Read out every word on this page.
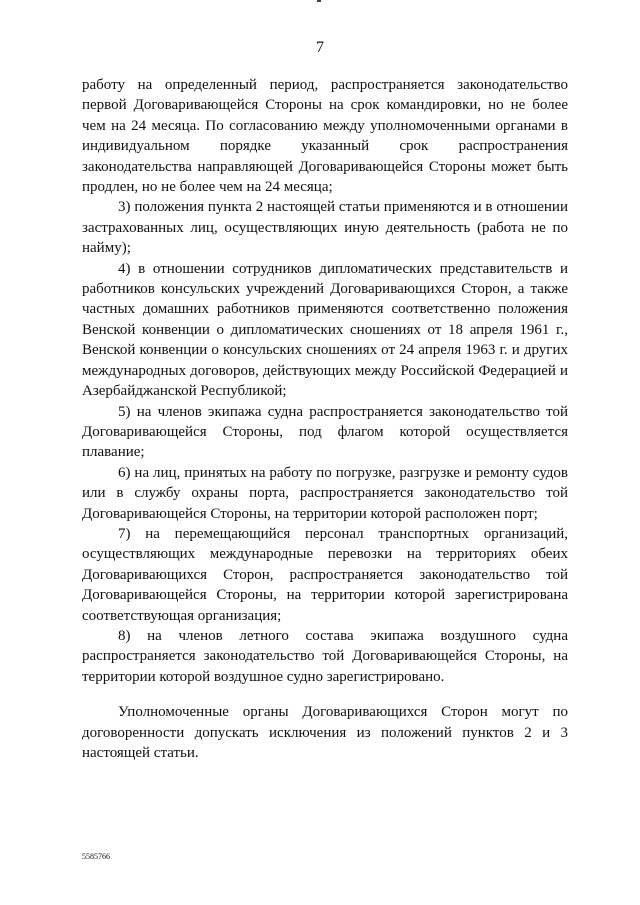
7

работу на определенный период, распространяется законодательство первой Договаривающейся Стороны на срок командировки, но не более чем на 24 месяца. По согласованию между уполномоченными органами в индивидуальном порядке указанный срок распространения законодательства направляющей Договаривающейся Стороны может быть продлен, но не более чем на 24 месяца;

3) положения пункта 2 настоящей статьи применяются и в отношении застрахованных лиц, осуществляющих иную деятельность (работа не по найму);

4) в отношении сотрудников дипломатических представительств и работников консульских учреждений Договаривающихся Сторон, а также частных домашних работников применяются соответственно положения Венской конвенции о дипломатических сношениях от 18 апреля 1961 г., Венской конвенции о консульских сношениях от 24 апреля 1963 г. и других международных договоров, действующих между Российской Федерацией и Азербайджанской Республикой;

5) на членов экипажа судна распространяется законодательство той Договаривающейся Стороны, под флагом которой осуществляется плавание;

6) на лиц, принятых на работу по погрузке, разгрузке и ремонту судов или в службу охраны порта, распространяется законодательство той Договаривающейся Стороны, на территории которой расположен порт;

7) на перемещающийся персонал транспортных организаций, осуществляющих международные перевозки на территориях обеих Договаривающихся Сторон, распространяется законодательство той Договаривающейся Стороны, на территории которой зарегистрирована соответствующая организация;

8) на членов летного состава экипажа воздушного судна распространяется законодательство той Договаривающейся Стороны, на территории которой воздушное судно зарегистрировано.

Уполномоченные органы Договаривающихся Сторон могут по договоренности допускать исключения из положений пунктов 2 и 3 настоящей статьи.

5585766
